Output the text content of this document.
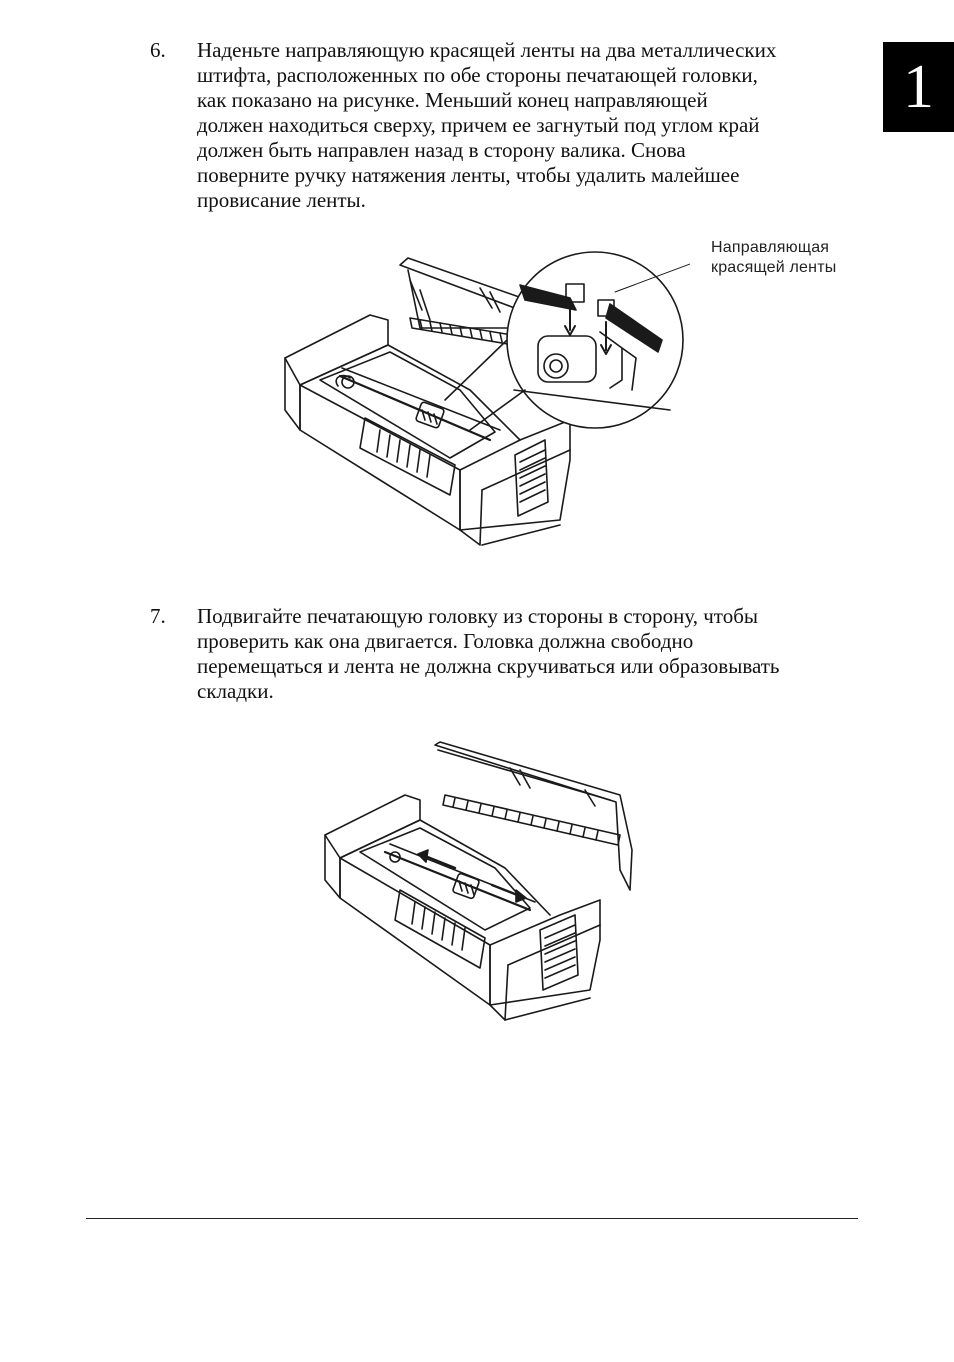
1
6. Наденьте направляющую красящей ленты на два металлических
штифта, расположенных по обе стороны печатающей головки,
как показано на рисунке. Меньший конец направляющей
должен находиться сверху, причем ее загнутый под углом край
должен быть направлен назад в сторону валика. Снова
поверните ручку натяжения ленты, чтобы удалить малейшее
провисание ленты.
Направляющая
красящей ленты
7. Подвигайте печатающую головку из стороны в сторону, чтобы
проверить как она двигается. Головка должна свободно
перемещаться и лента не должна скручиваться или образовывать
складки.
